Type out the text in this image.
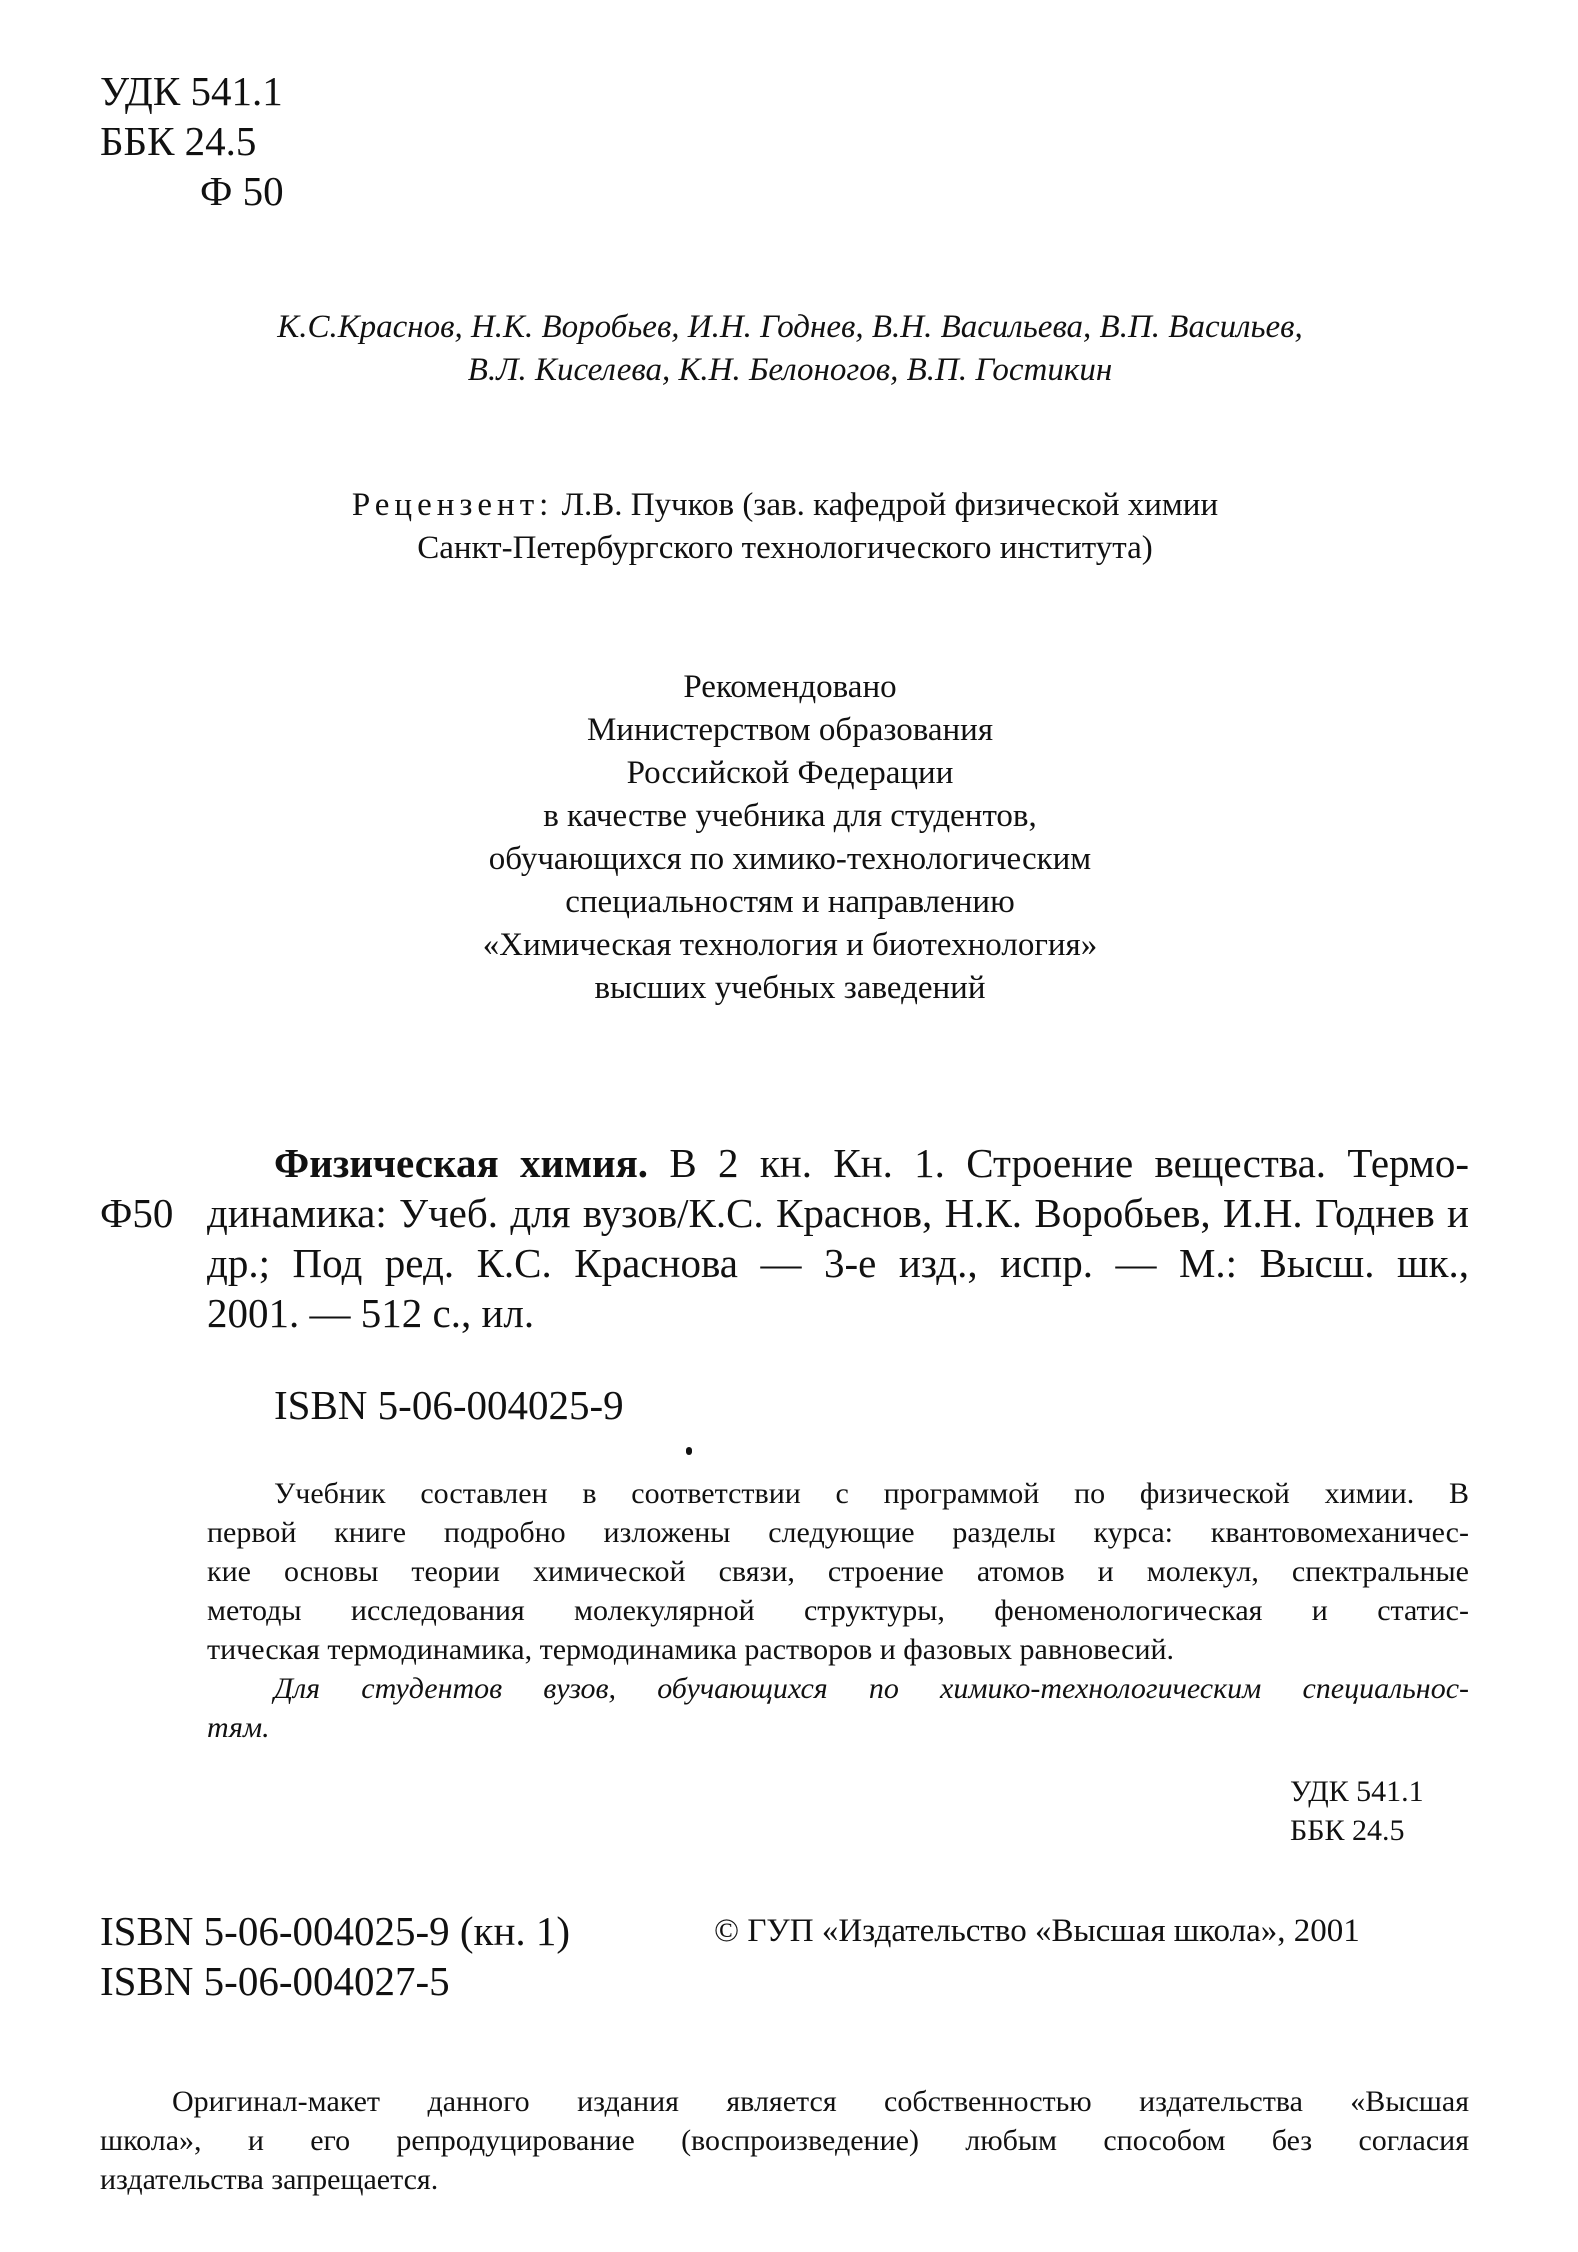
УДК 541.1
ББК 24.5
Ф 50
К.С.Краснов, Н.К. Воробьев, И.Н. Годнев, В.Н. Васильева, В.П. Васильев,
В.Л. Киселева, К.Н. Белоногов, В.П. Гостикин
Рецензент: Л.В. Пучков (зав. кафедрой физической химии
Санкт-Петербургского технологического института)
Рекомендовано
Министерством образования
Российской Федерации
в качестве учебника для студентов,
обучающихся по химико-технологическим
специальностям и направлению
«Химическая технология и биотехнология»
высших учебных заведений
Ф50
Физическая химия. В 2 кн. Кн. 1. Строение вещества. Термо-
динамика: Учеб. для вузов/К.С. Краснов, Н.К. Воробьев, И.Н. Годнев и
др.; Под ред. К.С. Краснова — 3-е изд., испр. — М.: Высш. шк.,
2001. — 512 с., ил.
ISBN 5-06-004025-9
Учебник составлен в соответствии с программой по физической химии. В
первой книге подробно изложены следующие разделы курса: квантовомеханичес-
кие основы теории химической связи, строение атомов и молекул, спектральные
методы исследования молекулярной структуры, феноменологическая и статис-
тическая термодинамика, термодинамика растворов и фазовых равновесий.
Для студентов вузов, обучающихся по химико-технологическим специальнос-
тям.
УДК 541.1
ББК 24.5
ISBN 5-06-004025-9 (кн. 1)
ISBN 5-06-004027-5
© ГУП «Издательство «Высшая школа», 2001
Оригинал-макет данного издания является собственностью издательства «Высшая
школа», и его репродуцирование (воспроизведение) любым способом без согласия
издательства запрещается.
